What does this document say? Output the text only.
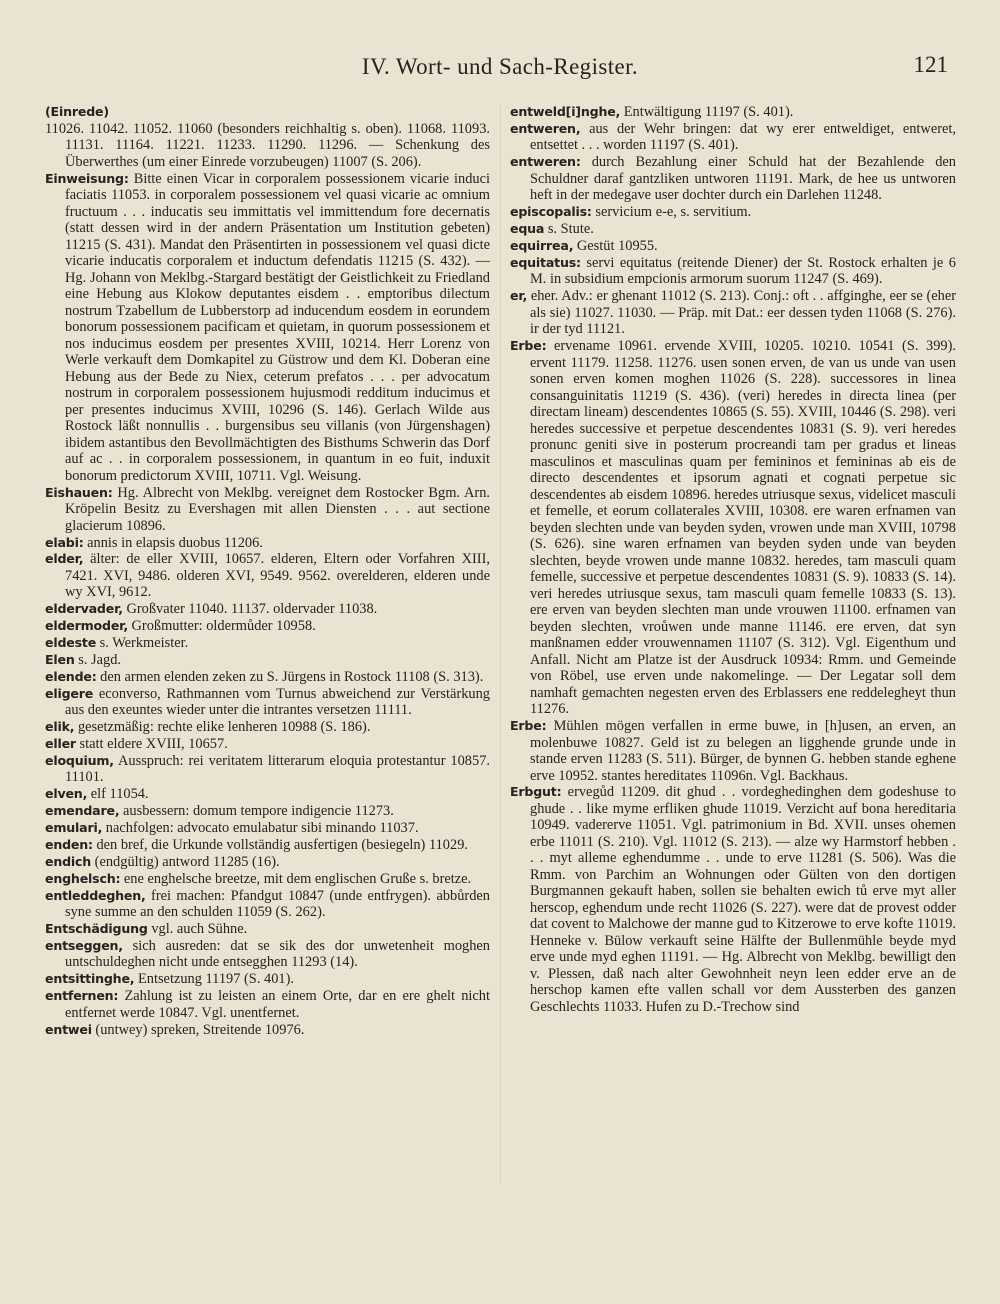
IV. Wort- und Sach-Register.	121

(Einrede)

11026. 11042. 11052. 11060 (besonders reichhaltig s. oben). 11068. 11093. 11131. 11164. 11221. 11233. 11290. 11296. — Schenkung des Überwerthes (um einer Einrede vorzubeugen) 11007 (S. 206).

Einweisung: Bitte einen Vicar in corporalem possessionem vicarie induci faciatis 11053. in corporalem possessionem vel quasi vicarie ac omnium fructuum . . . inducatis seu immittatis vel immittendum fore decernatis (statt dessen wird in der andern Präsentation um Institution gebeten) 11215 (S. 431). Mandat den Präsentirten in possessionem vel quasi dicte vicarie inducatis corporalem et inductum defendatis 11215 (S. 432). — Hg. Johann von Meklbg.-Stargard bestätigt der Geistlichkeit zu Friedland eine Hebung aus Klokow deputantes eisdem . . emptoribus dilectum nostrum Tzabellum de Lubberstorp ad inducendum eosdem in eorundem bonorum possessionem pacificam et quietam, in quorum possessionem et nos inducimus eosdem per presentes XVIII, 10214. Herr Lorenz von Werle verkauft dem Domkapitel zu Güstrow und dem Kl. Doberan eine Hebung aus der Bede zu Niex, ceterum prefatos . . . per advocatum nostrum in corporalem possessionem hujusmodi redditum inducimus et per presentes inducimus XVIII, 10296 (S. 146). Gerlach Wilde aus Rostock läßt nonnullis . . burgensibus seu villanis (von Jürgenshagen) ibidem astantibus den Bevollmächtigten des Bisthums Schwerin das Dorf auf ac . . in corporalem possessionem, in quantum in eo fuit, induxit bonorum predictorum XVIII, 10711. Vgl. Weisung.

Eishauen: Hg. Albrecht von Meklbg. vereignet dem Rostocker Bgm. Arn. Kröpelin Besitz zu Evershagen mit allen Diensten . . . aut sectione glacierum 10896.

elabi: annis in elapsis duobus 11206.

elder, älter: de eller XVIII, 10657. elderen, Eltern oder Vorfahren XIII, 7421. XVI, 9486. olderen XVI, 9549. 9562. overelderen, elderen unde wy XVI, 9612.

eldervader, Großvater 11040. 11137. oldervader 11038.

eldermoder, Großmutter: oldermůder 10958.

eldeste s. Werkmeister.

Elen s. Jagd.

elende: den armen elenden zeken zu S. Jürgens in Rostock 11108 (S. 313).

eligere econverso, Rathmannen vom Turnus abweichend zur Verstärkung aus den exeuntes wieder unter die intrantes versetzen 11111.

elik, gesetzmäßig: rechte elike lenheren 10988 (S. 186).

eller statt eldere XVIII, 10657.

eloquium, Ausspruch: rei veritatem litterarum eloquia protestantur 10857. 11101.

elven, elf 11054.

emendare, ausbessern: domum tempore indigencie 11273.

emulari, nachfolgen: advocato emulabatur sibi minando 11037.

enden: den bref, die Urkunde vollständig ausfertigen (besiegeln) 11029.

endich (endgültig) antword 11285 (16).

enghelsch: ene enghelsche breetze, mit dem englischen Gruße s. bretze.

entleddeghen, frei machen: Pfandgut 10847 (unde entfrygen). abbůrden syne summe an den schulden 11059 (S. 262).

Entschädigung vgl. auch Sühne.

entseggen, sich ausreden: dat se sik des dor unwetenheit moghen untschuldeghen nicht unde entsegghen 11293 (14).

entsittinghe, Entsetzung 11197 (S. 401).

entfernen: Zahlung ist zu leisten an einem Orte, dar en ere ghelt nicht entfernet werde 10847. Vgl. unentfernet.

entwei (untwey) spreken, Streitende 10976.

entweld[i]nghe, Entwältigung 11197 (S. 401).

entweren, aus der Wehr bringen: dat wy erer entweldiget, entweret, entsettet . . . worden 11197 (S. 401).

entweren: durch Bezahlung einer Schuld hat der Bezahlende den Schuldner daraf gantzliken untworen 11191. Mark, de hee us untworen heft in der medegave user dochter durch ein Darlehen 11248.

episcopalis: servicium e-e, s. servitium.

equa s. Stute.

equirrea, Gestüt 10955.

equitatus: servi equitatus (reitende Diener) der St. Rostock erhalten je 6 M. in subsidium empcionis armorum suorum 11247 (S. 469).

er, eher. Adv.: er ghenant 11012 (S. 213). Conj.: oft . . affginghe, eer se (eher als sie) 11027. 11030. — Präp. mit Dat.: eer dessen tyden 11068 (S. 276). ir der tyd 11121.

Erbe: ervename 10961. ervende XVIII, 10205. 10210. 10541 (S. 399). ervent 11179. 11258. 11276. usen sonen erven, de van us unde van usen sonen erven komen moghen 11026 (S. 228). successores in linea consanguinitatis 11219 (S. 436). (veri) heredes in directa linea (per directam lineam) descendentes 10865 (S. 55). XVIII, 10446 (S. 298). veri heredes successive et perpetue descendentes 10831 (S. 9). veri heredes pronunc geniti sive in posterum procreandi tam per gradus et lineas masculinos et masculinas quam per femininos et femininas ab eis de directo descendentes et ipsorum agnati et cognati perpetue sic descendentes ab eisdem 10896. heredes utriusque sexus, videlicet masculi et femelle, et eorum collaterales XVIII, 10308. ere waren erfnamen van beyden slechten unde van beyden syden, vrowen unde man XVIII, 10798 (S. 626). sine waren erfnamen van beyden syden unde van beyden slechten, beyde vrowen unde manne 10832. heredes, tam masculi quam femelle, successive et perpetue descendentes 10831 (S. 9). 10833 (S. 14). veri heredes utriusque sexus, tam masculi quam femelle 10833 (S. 13). ere erven van beyden slechten man unde vrouwen 11100. erfnamen van beyden slechten, vroůwen unde manne 11146. ere erven, dat syn manßnamen edder vrouwennamen 11107 (S. 312). Vgl. Eigenthum und Anfall. Nicht am Platze ist der Ausdruck 10934: Rmm. und Gemeinde von Röbel, use erven unde nakomelinge. — Der Legatar soll dem namhaft gemachten negesten erven des Erblassers ene reddelegheyt thun 11276.

Erbe: Mühlen mögen verfallen in erme buwe, in [h]usen, an erven, an molenbuwe 10827. Geld ist zu belegen an ligghende grunde unde in stande erven 11283 (S. 511). Bürger, de bynnen G. hebben stande eghene erve 10952. stantes hereditates 11096n. Vgl. Backhaus.

Erbgut: ervegůd 11209. dit ghud . . vordeghedinghen dem godeshuse to ghude . . like myme erfliken ghude 11019. Verzicht auf bona hereditaria 10949. vadererve 11051. Vgl. patrimonium in Bd. XVII. unses ohemen erbe 11011 (S. 210). Vgl. 11012 (S. 213). — alze wy Harmstorf hebben . . . myt alleme eghendumme . . unde to erve 11281 (S. 506). Was die Rmm. von Parchim an Wohnungen oder Gülten von den dortigen Burgmannen gekauft haben, sollen sie behalten ewich tů erve myt aller herscop, eghendum unde recht 11026 (S. 227). were dat de provest odder dat covent to Malchowe der manne gud to Kitzerowe to erve kofte 11019. Henneke v. Bülow verkauft seine Hälfte der Bullenmühle beyde myd erve unde myd eghen 11191. — Hg. Albrecht von Meklbg. bewilligt den v. Plessen, daß nach alter Gewohnheit neyn leen edder erve an de herschop kamen efte vallen schall vor dem Aussterben des ganzen Geschlechts 11033. Hufen zu D.-Trechow sind
